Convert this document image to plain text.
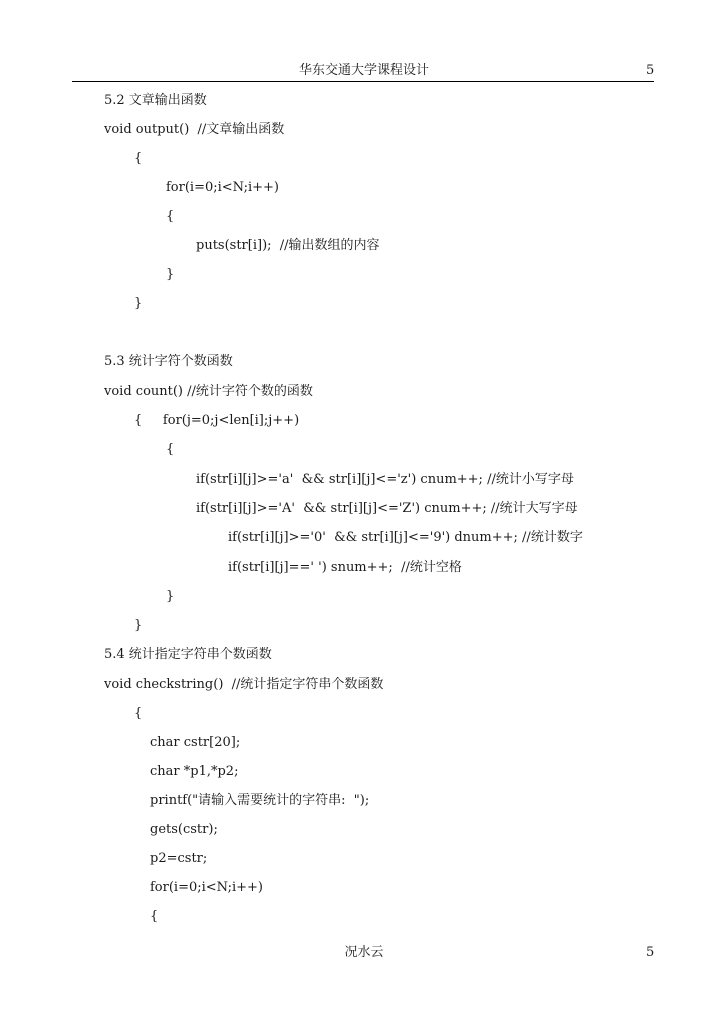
华东交通大学课程设计	5
5.2 文章输出函数
void output()  //文章输出函数
{
for(i=0;i<N;i++)
{
puts(str[i]);  //输出数组的内容
}
}
5.3 统计字符个数函数
void count() //统计字符个数的函数
{     for(j=0;j<len[i];j++)
{
if(str[i][j]>='a'  && str[i][j]<='z') cnum++; //统计小写字母
if(str[i][j]>='A'  && str[i][j]<='Z') cnum++; //统计大写字母
if(str[i][j]>='0'  && str[i][j]<='9') dnum++; //统计数字
if(str[i][j]==' ') snum++;  //统计空格
}
}
5.4 统计指定字符串个数函数
void checkstring()  //统计指定字符串个数函数
{
char cstr[20];
char *p1,*p2;
printf("请输入需要统计的字符串:  ");
gets(cstr);
p2=cstr;
for(i=0;i<N;i++)
{
况水云	5
